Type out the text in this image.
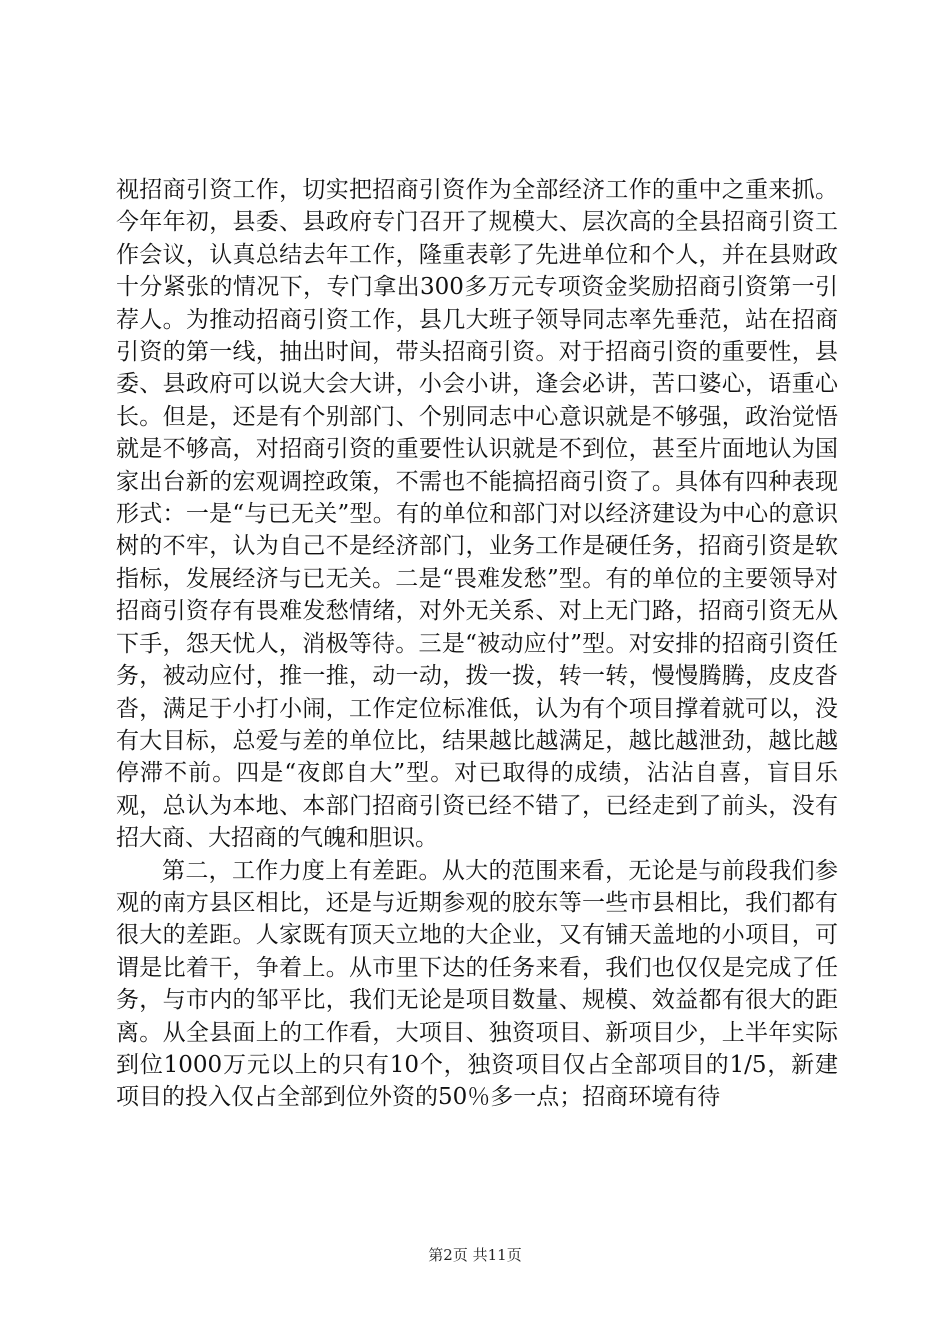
视招商引资工作，切实把招商引资作为全部经济工作的重中之重来抓。今年年初，县委、县政府专门召开了规模大、层次高的全县招商引资工作会议，认真总结去年工作，隆重表彰了先进单位和个人，并在县财政十分紧张的情况下，专门拿出300多万元专项资金奖励招商引资第一引荐人。为推动招商引资工作，县几大班子领导同志率先垂范，站在招商引资的第一线，抽出时间，带头招商引资。对于招商引资的重要性，县委、县政府可以说大会大讲，小会小讲，逢会必讲，苦口婆心，语重心长。但是，还是有个别部门、个别同志中心意识就是不够强，政治觉悟就是不够高，对招商引资的重要性认识就是不到位，甚至片面地认为国家出台新的宏观调控政策，不需也不能搞招商引资了。具体有四种表现形式：一是“与已无关”型。有的单位和部门对以经济建设为中心的意识树的不牢，认为自己不是经济部门，业务工作是硬任务，招商引资是软指标，发展经济与已无关。二是“畏难发愁”型。有的单位的主要领导对招商引资存有畏难发愁情绪，对外无关系、对上无门路，招商引资无从下手，怨天忧人，消极等待。三是“被动应付”型。对安排的招商引资任务，被动应付，推一推，动一动，拨一拨，转一转，慢慢腾腾，皮皮沓沓，满足于小打小闹，工作定位标准低，认为有个项目撑着就可以，没有大目标，总爱与差的单位比，结果越比越满足，越比越泄劲，越比越停滞不前。四是“夜郎自大”型。对已取得的成绩，沾沾自喜，盲目乐观，总认为本地、本部门招商引资已经不错了，已经走到了前头，没有招大商、大招商的气魄和胆识。

第二，工作力度上有差距。从大的范围来看，无论是与前段我们参观的南方县区相比，还是与近期参观的胶东等一些市县相比，我们都有很大的差距。人家既有顶天立地的大企业，又有铺天盖地的小项目，可谓是比着干，争着上。从市里下达的任务来看，我们也仅仅是完成了任务，与市内的邹平比，我们无论是项目数量、规模、效益都有很大的距离。从全县面上的工作看，大项目、独资项目、新项目少，上半年实际到位1000万元以上的只有10个，独资项目仅占全部项目的1/5，新建项目的投入仅占全部到位外资的50％多一点；招商环境有待

第2页 共11页
